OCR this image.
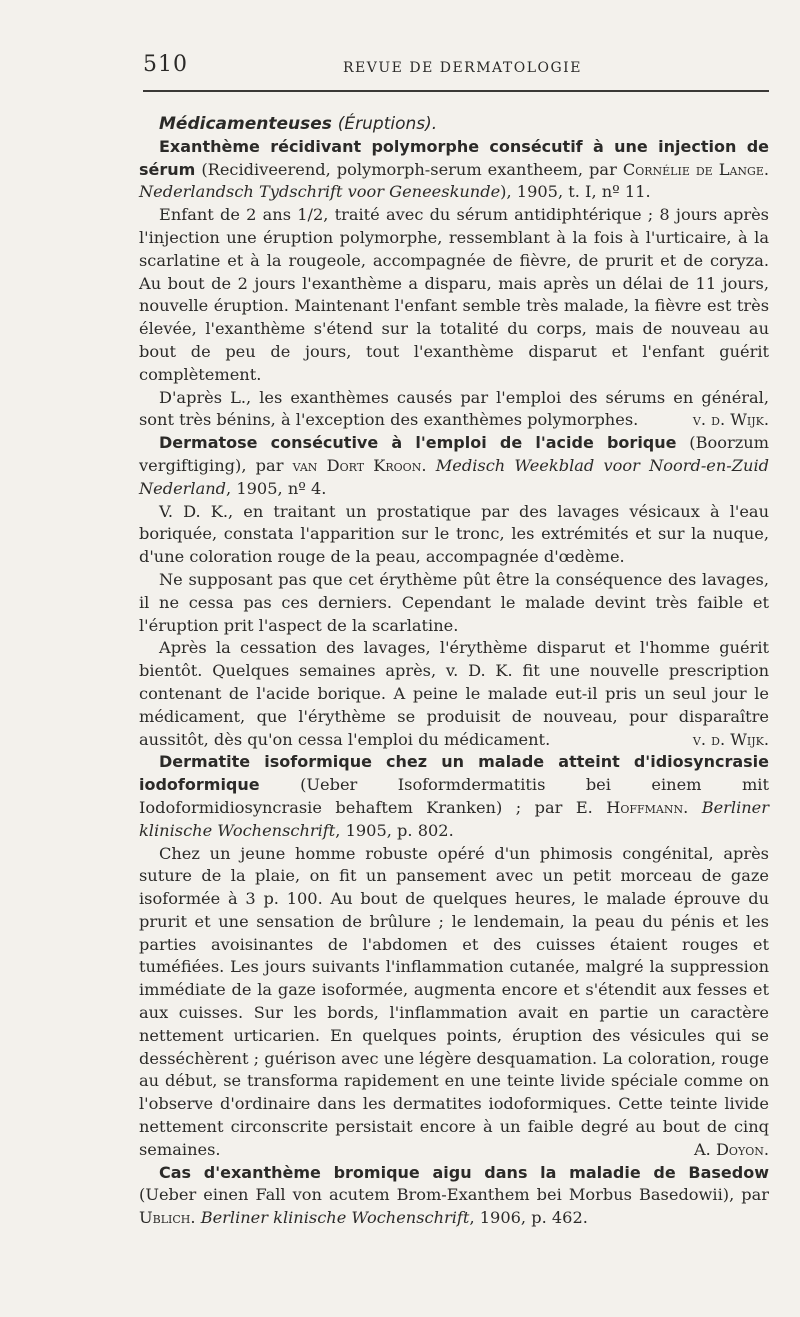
510	REVUE DE DERMATOLOGIE

Médicamenteuses (Éruptions).

Exanthème récidivant polymorphe consécutif à une injection de sérum (Recidiveerend, polymorph-serum exantheem, par Cornélie de Lange. Nederlandsch Tydschrift voor Geneeskunde), 1905, t. I, nº 11.

Enfant de 2 ans 1/2, traité avec du sérum antidiphtérique ; 8 jours après l'injection une éruption polymorphe, ressemblant à la fois à l'urticaire, à la scarlatine et à la rougeole, accompagnée de fièvre, de prurit et de coryza. Au bout de 2 jours l'exanthème a disparu, mais après un délai de 11 jours, nouvelle éruption. Maintenant l'enfant semble très malade, la fièvre est très élevée, l'exanthème s'étend sur la totalité du corps, mais de nouveau au bout de peu de jours, tout l'exanthème disparut et l'enfant guérit complètement.

D'après L., les exanthèmes causés par l'emploi des sérums en général, sont très bénins, à l'exception des exanthèmes polymorphes.	v. d. Wijk.

Dermatose consécutive à l'emploi de l'acide borique (Boorzum vergiftiging), par van Dort Kroon. Medisch Weekblad voor Noord-en-Zuid Nederland, 1905, nº 4.

V. D. K., en traitant un prostatique par des lavages vésicaux à l'eau boriquée, constata l'apparition sur le tronc, les extrémités et sur la nuque, d'une coloration rouge de la peau, accompagnée d'œdème.

Ne supposant pas que cet érythème pût être la conséquence des lavages, il ne cessa pas ces derniers. Cependant le malade devint très faible et l'éruption prit l'aspect de la scarlatine.

Après la cessation des lavages, l'érythème disparut et l'homme guérit bientôt. Quelques semaines après, v. D. K. fit une nouvelle prescription contenant de l'acide borique. A peine le malade eut-il pris un seul jour le médicament, que l'érythème se produisit de nouveau, pour disparaître aussitôt, dès qu'on cessa l'emploi du médicament.	v. d. Wijk.

Dermatite isoformique chez un malade atteint d'idiosyncrasie iodoformique (Ueber Isoformdermatitis bei einem mit Iodoformidiosyncrasie behaftem Kranken) ; par E. Hoffmann. Berliner klinische Wochenschrift, 1905, p. 802.

Chez un jeune homme robuste opéré d'un phimosis congénital, après suture de la plaie, on fit un pansement avec un petit morceau de gaze isoformée à 3 p. 100. Au bout de quelques heures, le malade éprouve du prurit et une sensation de brûlure ; le lendemain, la peau du pénis et les parties avoisinantes de l'abdomen et des cuisses étaient rouges et tuméfiées. Les jours suivants l'inflammation cutanée, malgré la suppression immédiate de la gaze isoformée, augmenta encore et s'étendit aux fesses et aux cuisses. Sur les bords, l'inflammation avait en partie un caractère nettement urticarien. En quelques points, éruption des vésicules qui se desséchèrent ; guérison avec une légère desquamation. La coloration, rouge au début, se transforma rapidement en une teinte livide spéciale comme on l'observe d'ordinaire dans les dermatites iodoformiques. Cette teinte livide nettement circonscrite persistait encore à un faible degré au bout de cinq semaines.	A. Doyon.

Cas d'exanthème bromique aigu dans la maladie de Basedow (Ueber einen Fall von acutem Brom-Exanthem bei Morbus Basedowii), par Ublich. Berliner klinische Wochenschrift, 1906, p. 462.
